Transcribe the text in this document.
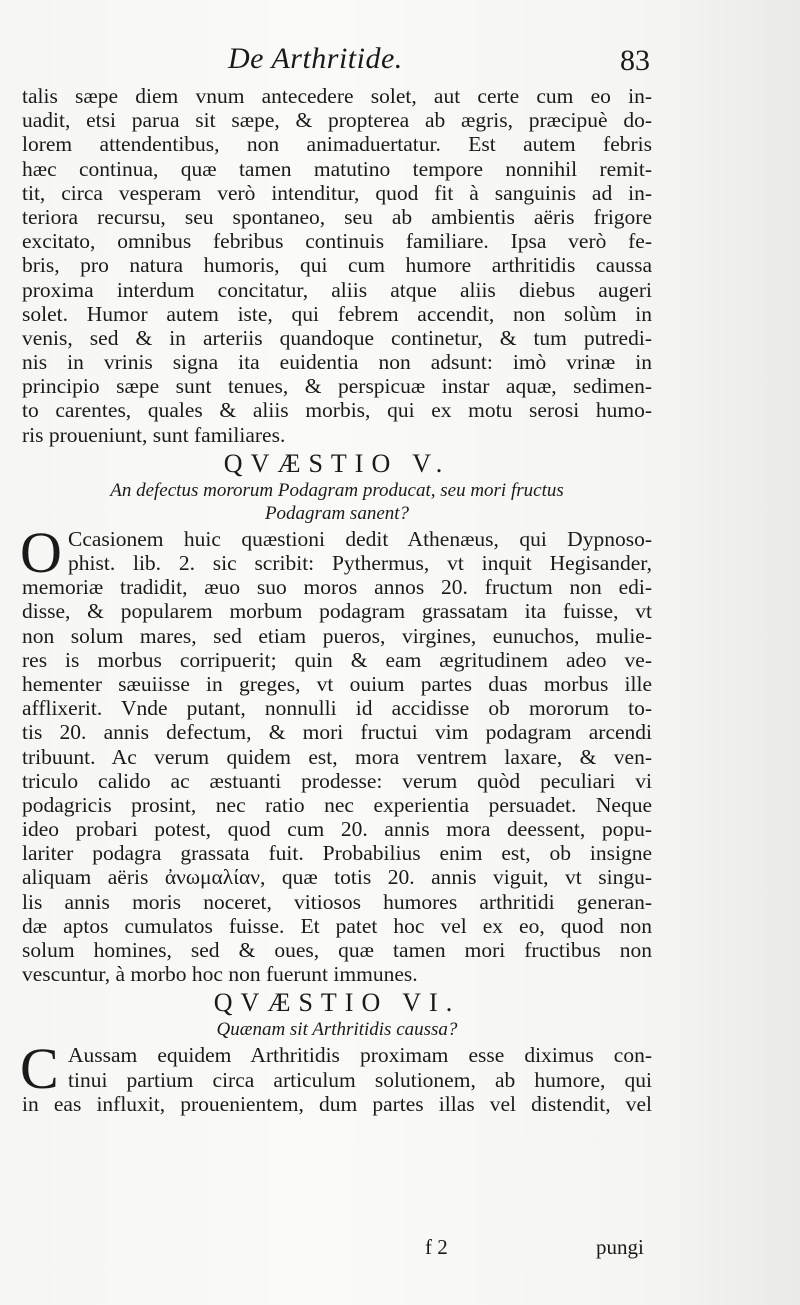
De Arthritide.	83
talis sæpe diem vnum antecedere solet, aut certe cum eo in-
uadit, etsi parua sit sæpe, & propterea ab ægris, præcipuè do-
lorem attendentibus, non animaduertatur. Est autem febris
hæc continua, quæ tamen matutino tempore nonnihil remit-
tit, circa vesperam verò intenditur, quod fit à sanguinis ad in-
teriora recursu, seu spontaneo, seu ab ambientis aëris frigore
excitato, omnibus febribus continuis familiare. Ipsa verò fe-
bris, pro natura humoris, qui cum humore arthritidis caussa
proxima interdum concitatur, aliis atque aliis diebus augeri
solet. Humor autem iste, qui febrem accendit, non solùm in
venis, sed & in arteriis quandoque continetur, & tum putredi-
nis in vrinis signa ita euidentia non adsunt: imò vrinæ in
principio sæpe sunt tenues, & perspicuæ instar aquæ, sedimen-
to carentes, quales & aliis morbis, qui ex motu serosi humo-
ris proueniunt, sunt familiares.
QVÆSTIO V.
An defectus mororum Podagram producat, seu mori fructus
Podagram sanent?
O Ccasionem huic quæstioni dedit Athenæus, qui Dypnoso-
phist. lib. 2. sic scribit: Pythermus, vt inquit Hegisander,
memoriæ tradidit, æuo suo moros annos 20. fructum non edi-
disse, & popularem morbum podagram grassatam ita fuisse, vt
non solum mares, sed etiam pueros, virgines, eunuchos, mulie-
res is morbus corripuerit; quin & eam ægritudinem adeo ve-
hementer sæuiisse in greges, vt ouium partes duas morbus ille
afflixerit. Vnde putant, nonnulli id accidisse ob mororum to-
tis 20. annis defectum, & mori fructui vim podagram arcendi
tribuunt. Ac verum quidem est, mora ventrem laxare, & ven-
triculo calido ac æstuanti prodesse: verum quòd peculiari vi
podagricis prosint, nec ratio nec experientia persuadet. Neque
ideo probari potest, quod cum 20. annis mora deessent, popu-
lariter podagra grassata fuit. Probabilius enim est, ob insigne
aliquam aëris ἀνωμαλίαν, quæ totis 20. annis viguit, vt singu-
lis annis moris noceret, vitiosos humores arthritidi generan-
dæ aptos cumulatos fuisse. Et patet hoc vel ex eo, quod non
solum homines, sed & oues, quæ tamen mori fructibus non
vescuntur, à morbo hoc non fuerunt immunes.
QVÆSTIO VI.
Quænam sit Arthritidis caussa?
C Aussam equidem Arthritidis proximam esse diximus con-
tinui partium circa articulum solutionem, ab humore, qui
in eas influxit, prouenientem, dum partes illas vel distendit, vel
f 2	pungi
